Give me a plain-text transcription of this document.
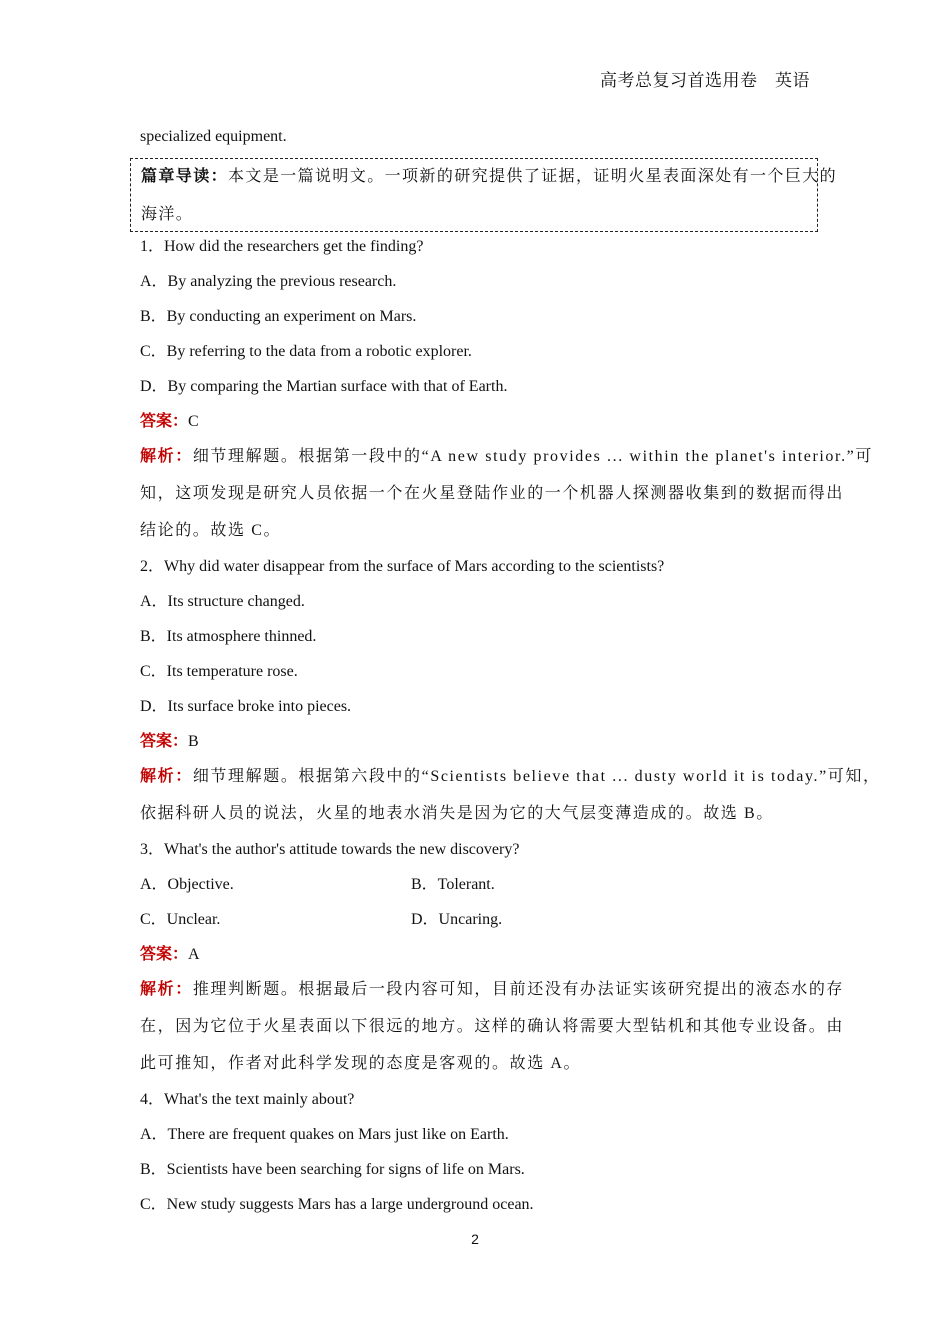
高考总复习首选用卷　英语
specialized equipment.
篇章导读：本文是一篇说明文。一项新的研究提供了证据，证明火星表面深处有一个巨大的
海洋。
1．How did the researchers get the finding?
A．By analyzing the previous research.
B．By conducting an experiment on Mars.
C．By referring to the data from a robotic explorer.
D．By comparing the Martian surface with that of Earth.
答案：C
解析：细节理解题。根据第一段中的“A new study provides ... within the planet's interior.”可
知，这项发现是研究人员依据一个在火星登陆作业的一个机器人探测器收集到的数据而得出
结论的。故选 C。
2．Why did water disappear from the surface of Mars according to the scientists?
A．Its structure changed.
B．Its atmosphere thinned.
C．Its temperature rose.
D．Its surface broke into pieces.
答案：B
解析：细节理解题。根据第六段中的“Scientists believe that ... dusty world it is today.”可知，
依据科研人员的说法，火星的地表水消失是因为它的大气层变薄造成的。故选 B。
3．What's the author's attitude towards the new discovery?
A．Objective.	B．Tolerant.
C．Unclear.	D．Uncaring.
答案：A
解析：推理判断题。根据最后一段内容可知，目前还没有办法证实该研究提出的液态水的存
在，因为它位于火星表面以下很远的地方。这样的确认将需要大型钻机和其他专业设备。由
此可推知，作者对此科学发现的态度是客观的。故选 A。
4．What's the text mainly about?
A．There are frequent quakes on Mars just like on Earth.
B．Scientists have been searching for signs of life on Mars.
C．New study suggests Mars has a large underground ocean.
2
